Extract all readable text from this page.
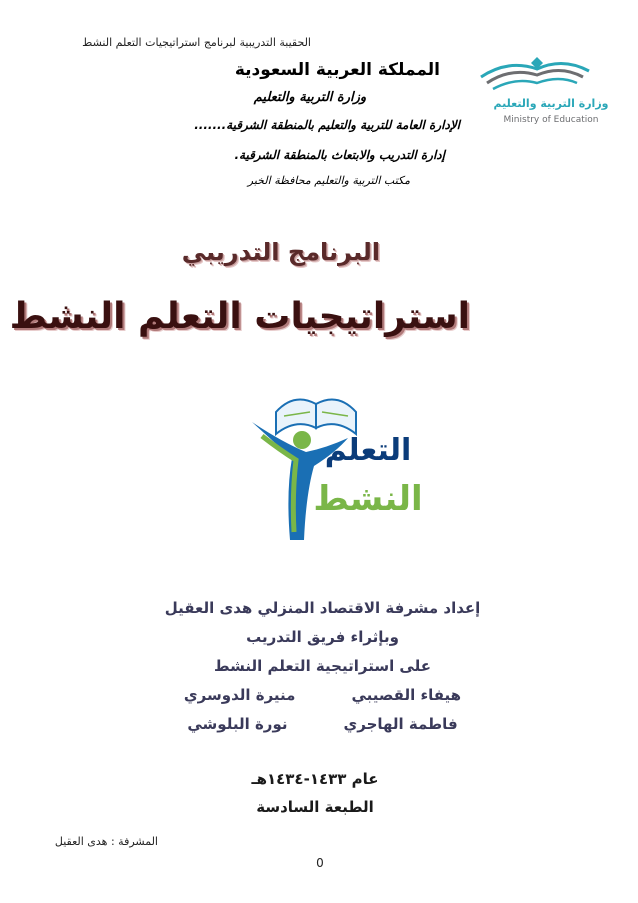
الحقيبة التدريبية لبرنامج استراتيجيات التعلم النشط
المملكة العربية السعودية
وزارة التربية والتعليم
الإدارة العامة للتربية والتعليم بالمنطقة الشرقية.......
إدارة التدريب والابتعاث بالمنطقة الشرقية.
مكتب التربية والتعليم محافظة الخبر
وزارة التربية والتعليم
Ministry of Education
البرنامج التدريبي
استراتيجيات التعلم النشط
التعلم
النشط
إعداد مشرفة الاقتصاد المنزلي هدى العقيل
وبإثراء فريق التدريب
على استراتيجية التعلم النشط
منيرة الدوسري	هيفاء القصيبي
نورة البلوشي	فاطمة الهاجري
عام ١٤٣٣-١٤٣٤هـ
الطبعة السادسة
المشرفة : هدى العقيل
0
